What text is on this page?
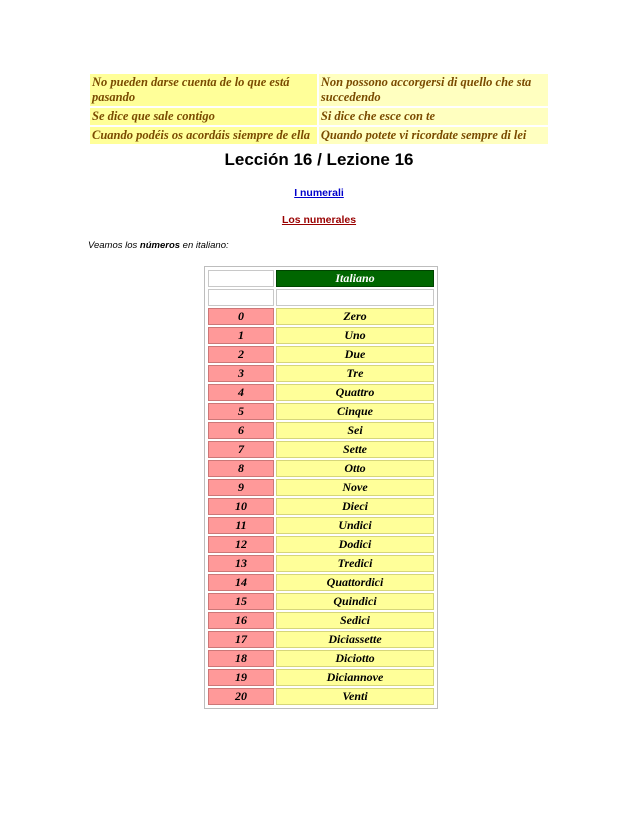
No pueden darse cuenta de lo que está pasando	Non possono accorgersi di quello che sta succedendo
Se dice que sale contigo	Si dice che esce con te
Cuando podéis os acordáis siempre de ella	Quando potete vi ricordate sempre di lei
Lección 16 / Lezione 16
I numerali
Los numerales
Veamos los números en italiano:
	Italiano

0	Zero
1	Uno
2	Due
3	Tre
4	Quattro
5	Cinque
6	Sei
7	Sette
8	Otto
9	Nove
10	Dieci
11	Undici
12	Dodici
13	Tredici
14	Quattordici
15	Quindici
16	Sedici
17	Diciassette
18	Diciotto
19	Diciannove
20	Venti
